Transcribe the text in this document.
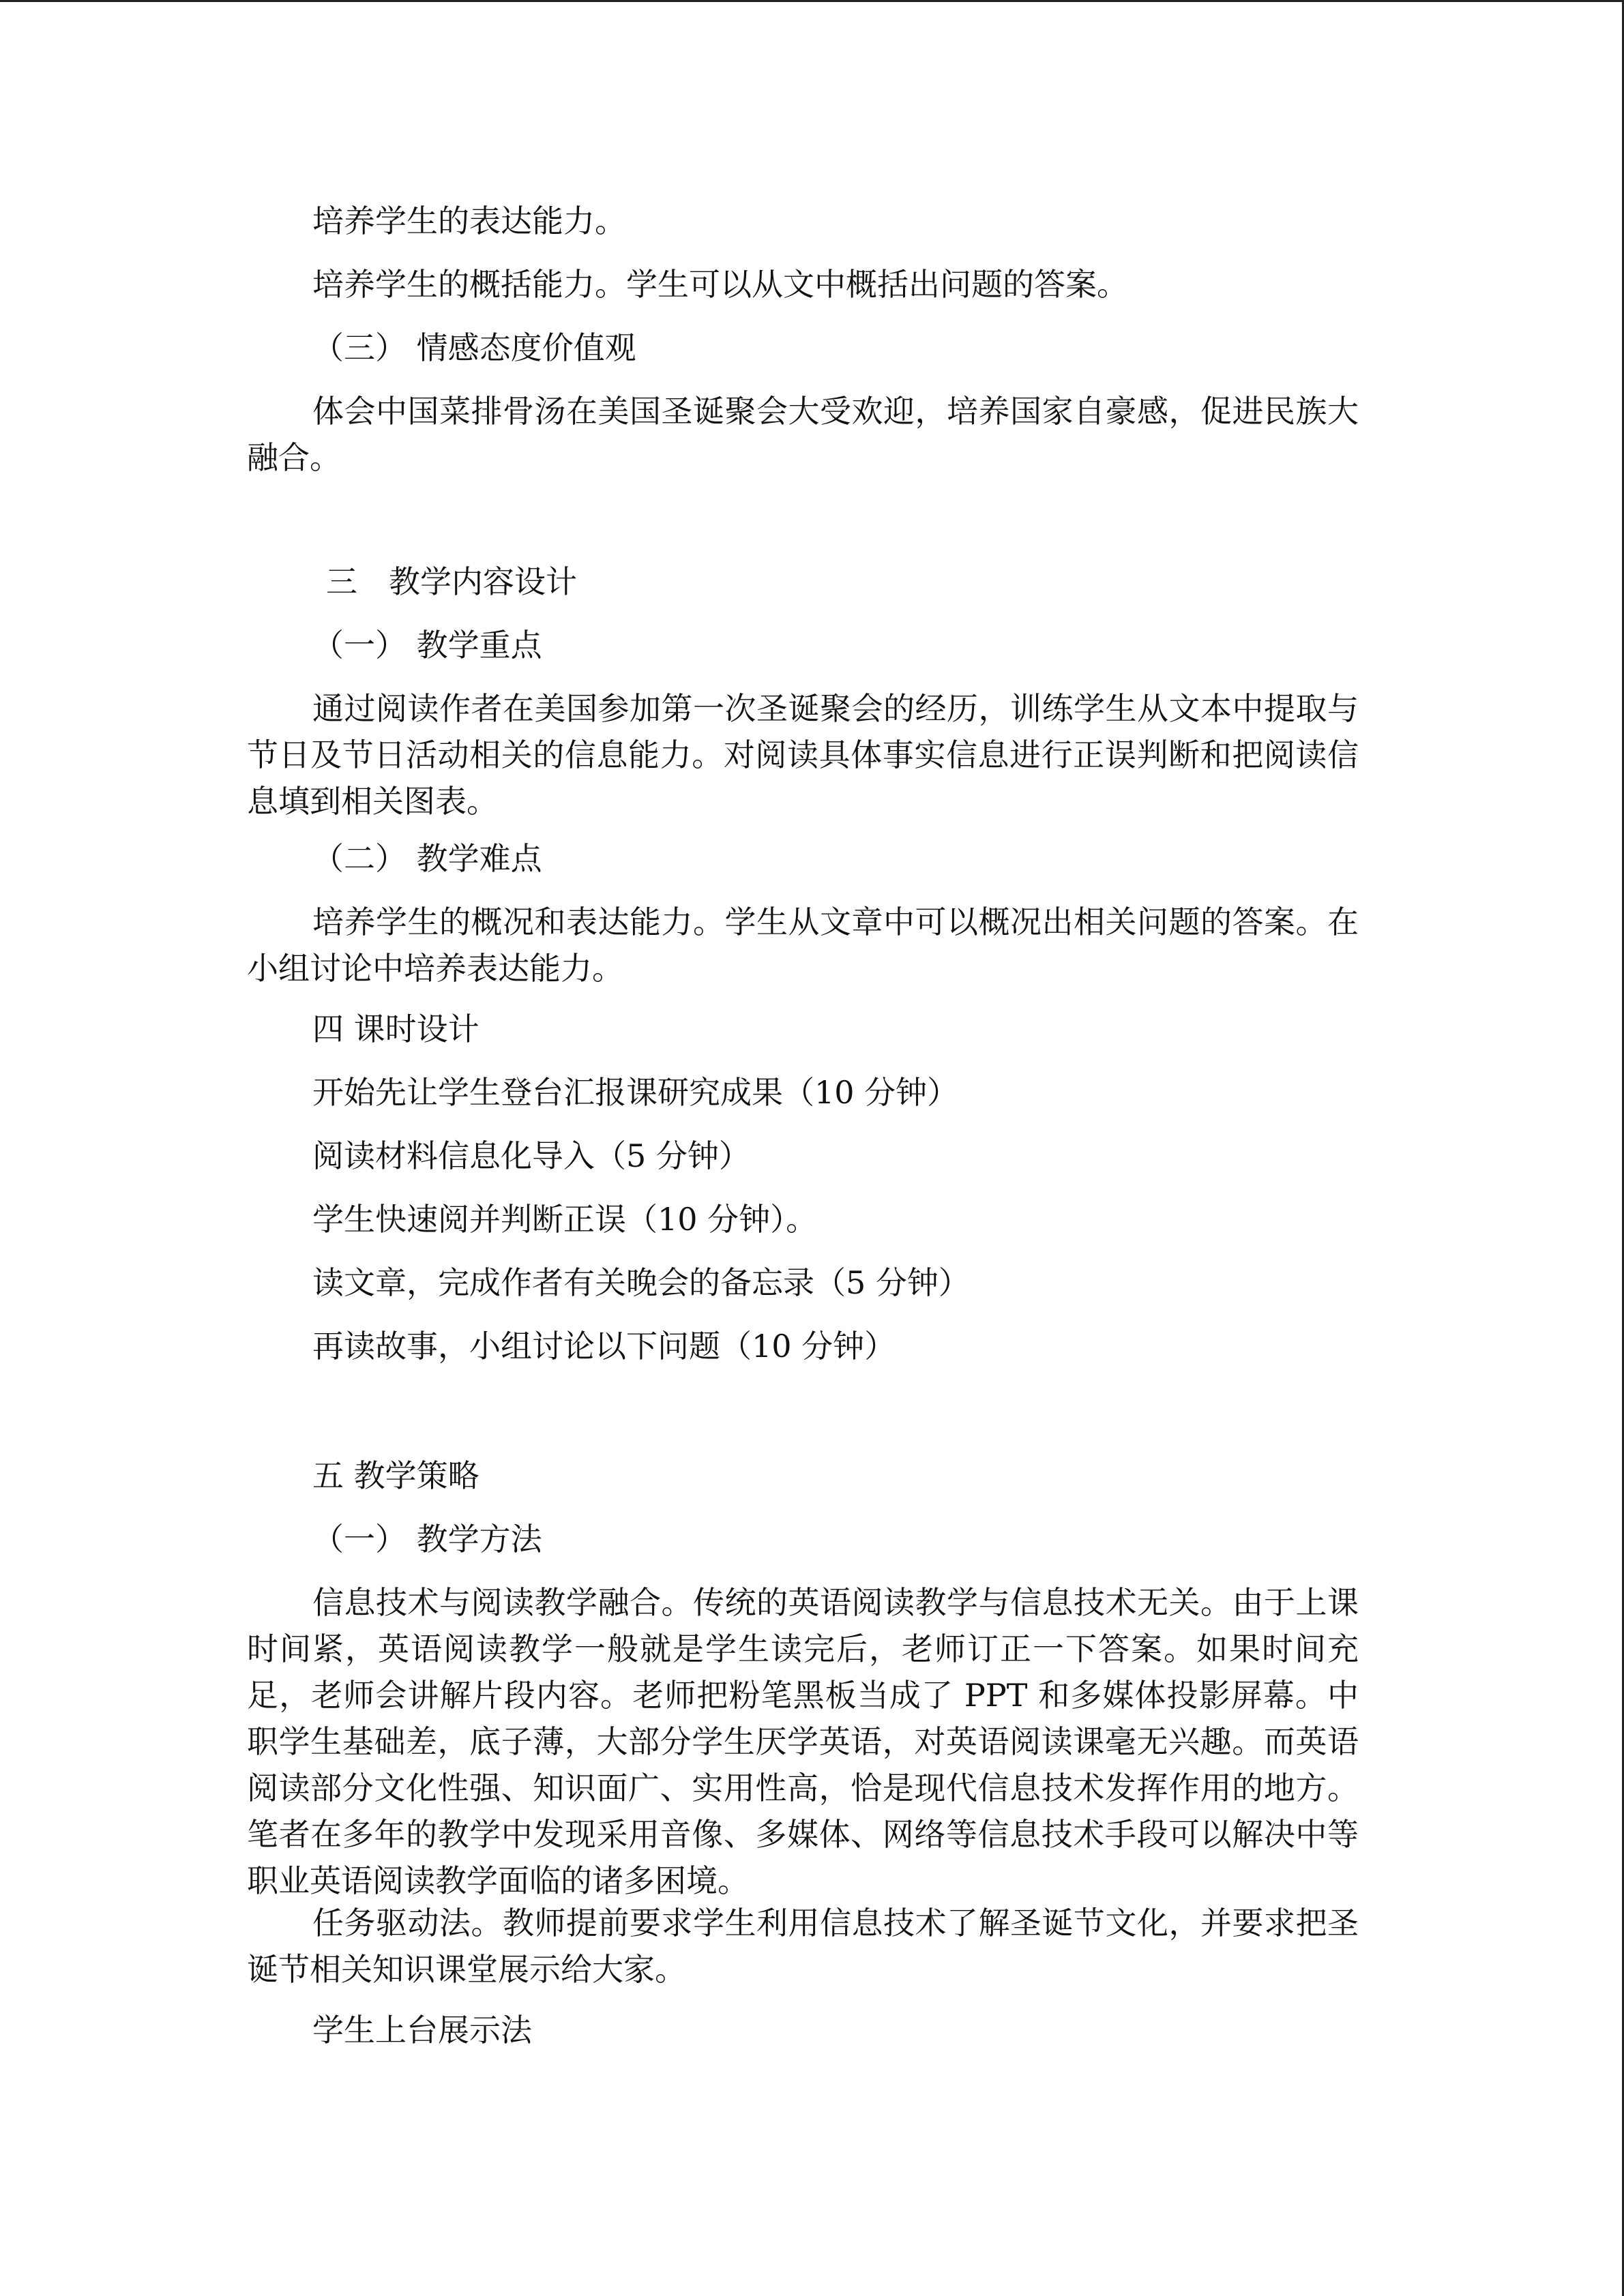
培养学生的表达能力。

培养学生的概括能力。学生可以从文中概括出问题的答案。

（三） 情感态度价值观

体会中国菜排骨汤在美国圣诞聚会大受欢迎，培养国家自豪感，促进民族大融合。

三　教学内容设计

（一） 教学重点

通过阅读作者在美国参加第一次圣诞聚会的经历，训练学生从文本中提取与节日及节日活动相关的信息能力。对阅读具体事实信息进行正误判断和把阅读信息填到相关图表。

（二） 教学难点

培养学生的概况和表达能力。学生从文章中可以概况出相关问题的答案。在小组讨论中培养表达能力。

四 课时设计

开始先让学生登台汇报课研究成果（10 分钟）

阅读材料信息化导入（5 分钟）

学生快速阅并判断正误（10 分钟）。

读文章，完成作者有关晚会的备忘录（5 分钟）

再读故事，小组讨论以下问题（10 分钟）

五 教学策略

（一） 教学方法

信息技术与阅读教学融合。传统的英语阅读教学与信息技术无关。由于上课时间紧，英语阅读教学一般就是学生读完后，老师订正一下答案。如果时间充足，老师会讲解片段内容。老师把粉笔黑板当成了 PPT 和多媒体投影屏幕。中职学生基础差，底子薄，大部分学生厌学英语，对英语阅读课毫无兴趣。而英语阅读部分文化性强、知识面广、实用性高，恰是现代信息技术发挥作用的地方。笔者在多年的教学中发现采用音像、多媒体、网络等信息技术手段可以解决中等职业英语阅读教学面临的诸多困境。

任务驱动法。教师提前要求学生利用信息技术了解圣诞节文化，并要求把圣诞节相关知识课堂展示给大家。

学生上台展示法
